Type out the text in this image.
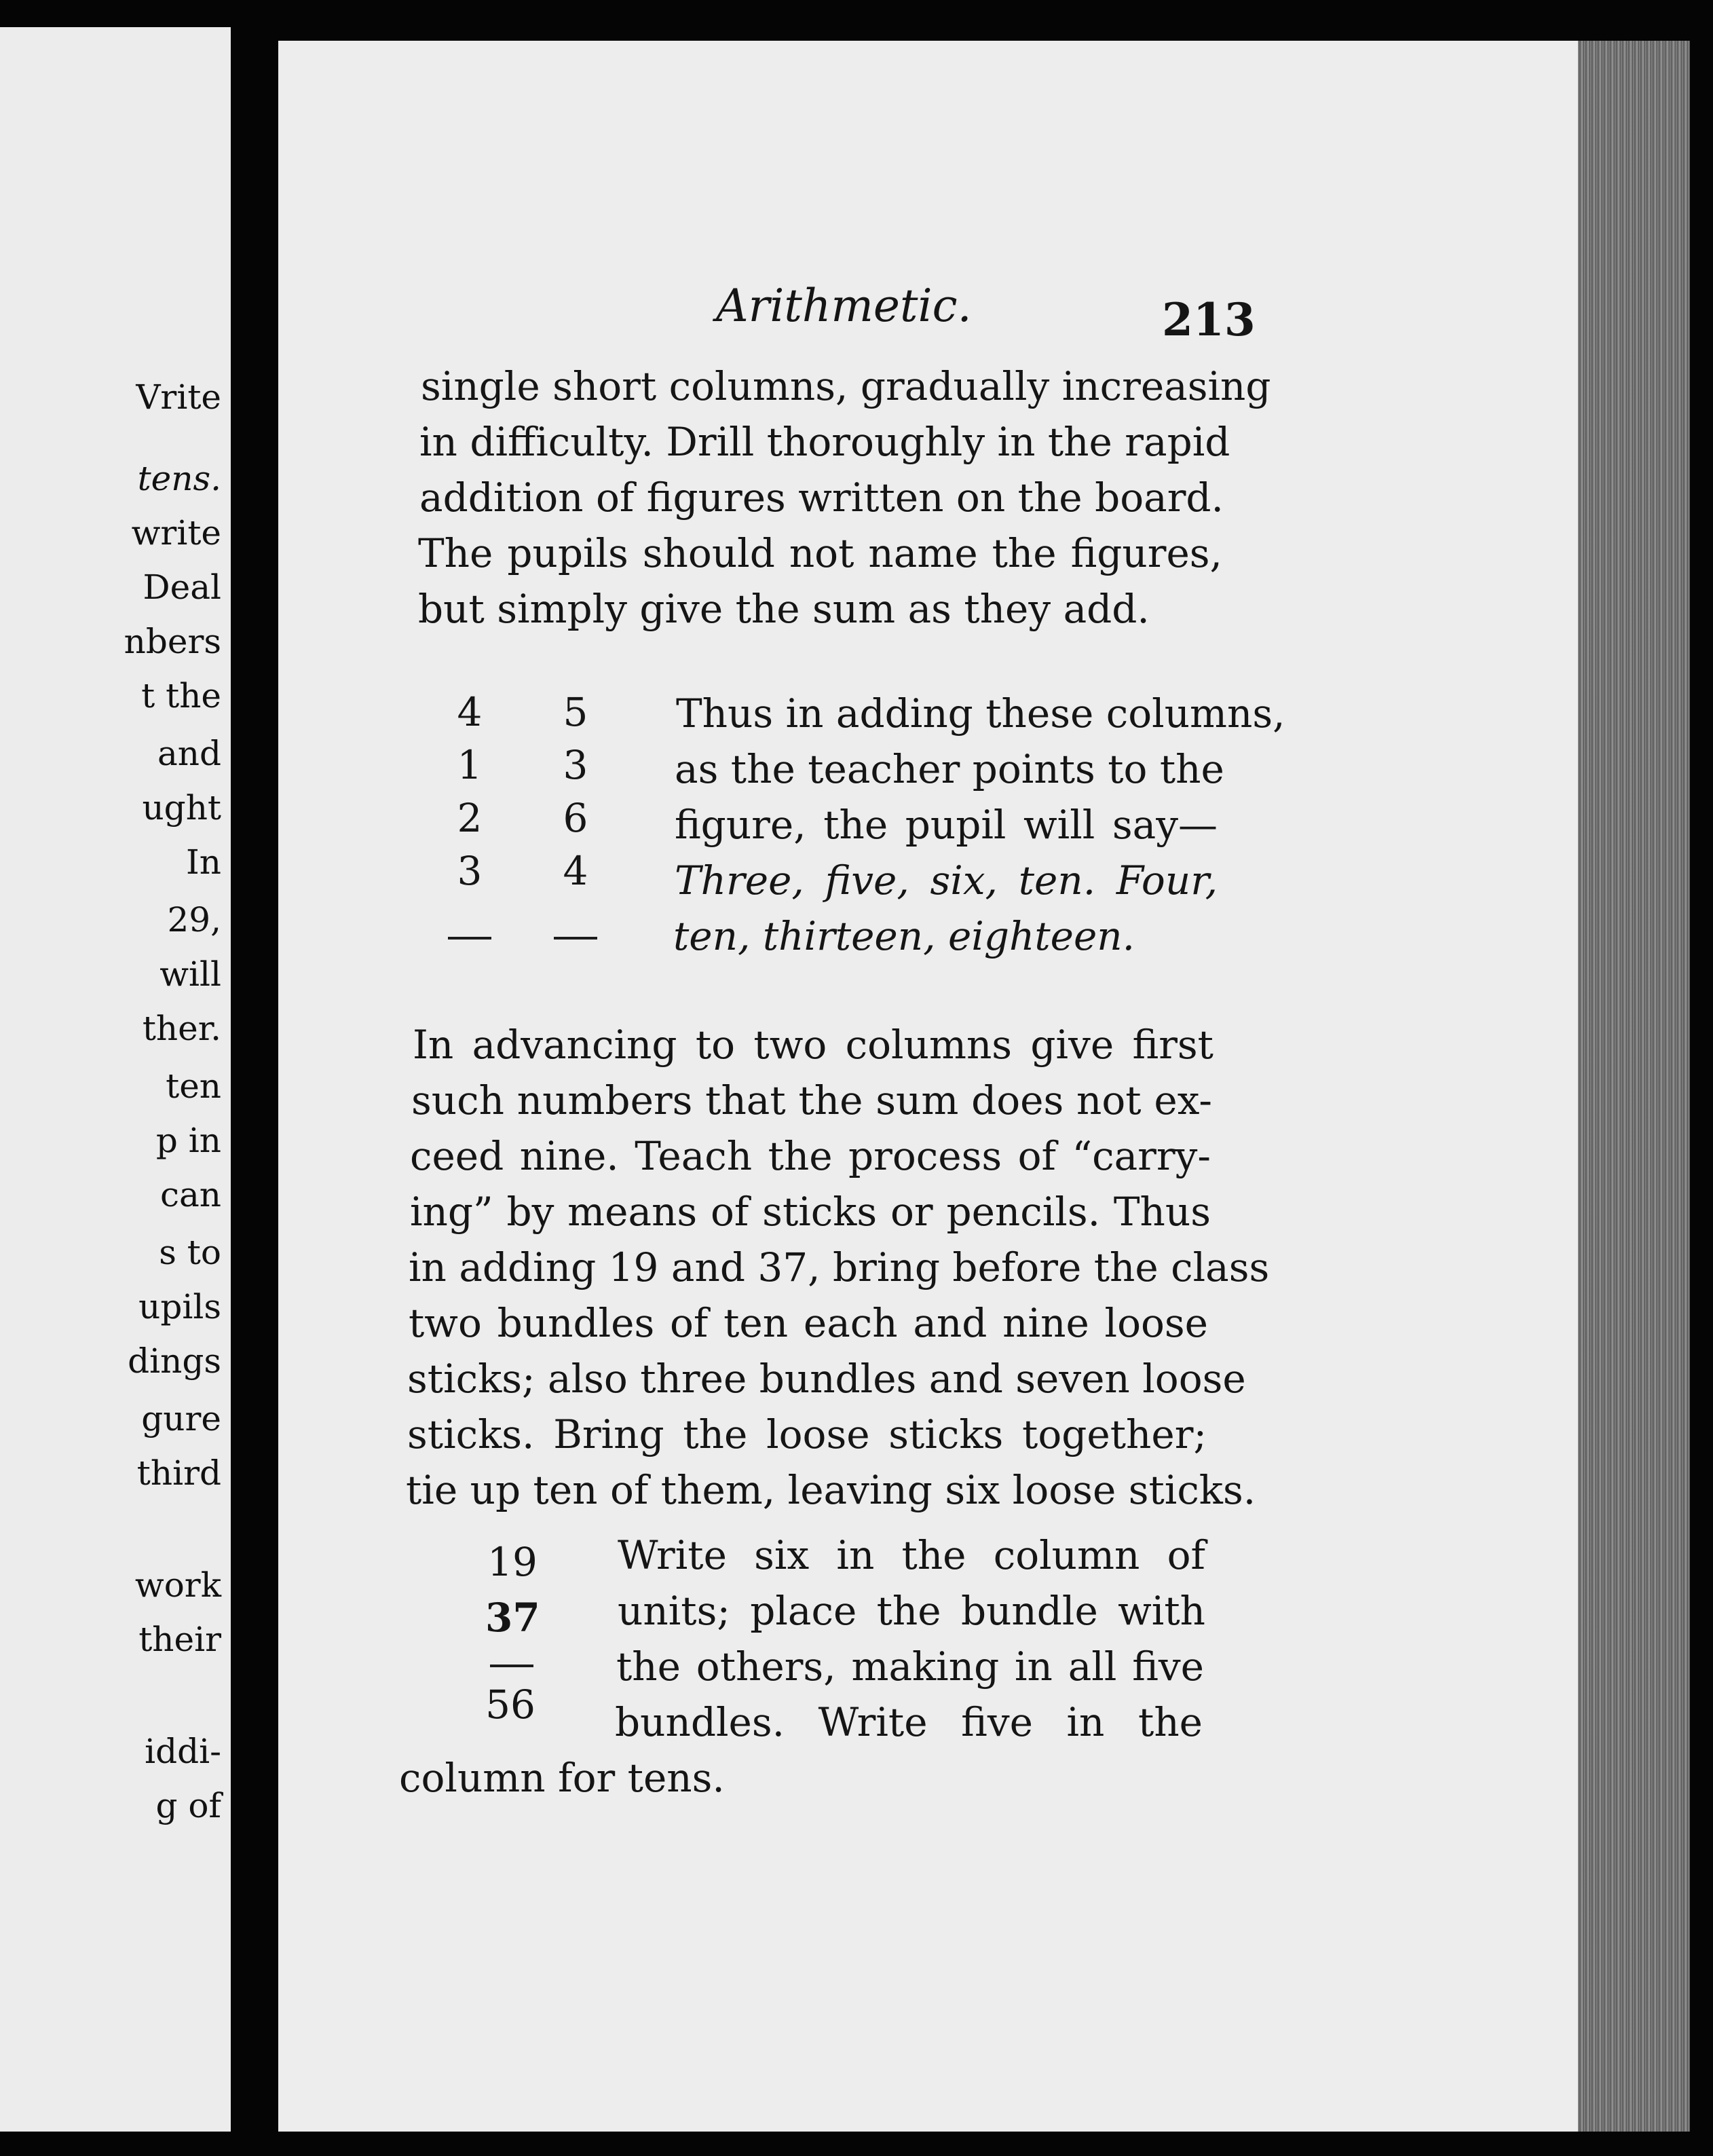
Vrite
tens.
write
Deal
nbers
t the
and
ught
In
29,
will
ther.
ten
p in
can
s to
upils
dings
gure
third
work
their
iddi-
g of
Arithmetic.	213
single short columns, gradually increasing
in difficulty. Drill thoroughly in the rapid
addition of figures written on the board.
The pupils should not name the figures,
but simply give the sum as they add.
4
1
2
3
5
3
6
4
Thus in adding these columns,
as the teacher points to the
figure, the pupil will say—
Three, five, six, ten. Four,
ten, thirteen, eighteen.
In advancing to two columns give first
such numbers that the sum does not ex-
ceed nine. Teach the process of “carry-
ing” by means of sticks or pencils. Thus
in adding 19 and 37, bring before the class
two bundles of ten each and nine loose
sticks; also three bundles and seven loose
sticks. Bring the loose sticks together;
tie up ten of them, leaving six loose sticks.
19
37
56
Write six in the column of
units; place the bundle with
the others, making in all five
bundles. Write five in the
column for tens.
